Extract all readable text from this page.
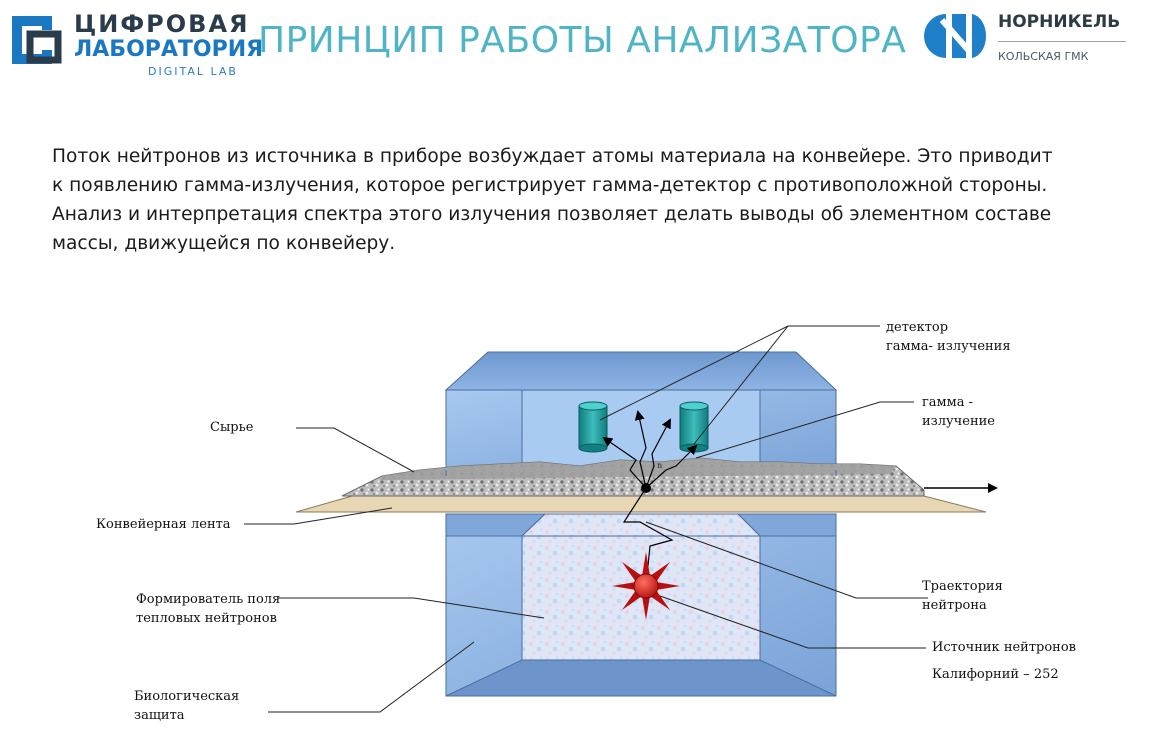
ЦИФРОВАЯ
ЛАБОРАТОРИЯ
DIGITAL LAB
ПРИНЦИП РАБОТЫ АНАЛИЗАТОРА	НОРНИКЕЛЬ
КОЛЬСКАЯ ГМК
Поток нейтронов из источника в приборе возбуждает атомы материала на конвейере. Это приводит
к появлению гамма-излучения, которое регистрирует гамма-детектор с противоположной стороны.
Анализ и интерпретация спектра этого излучения позволяет делать выводы об элементном составе
массы, движущейся по конвейеру.
n
Сырье
Конвейерная лента
Формирователь поля
тепловых нейтронов
Биологическая
защита
детектор
гамма- излучения
гамма -
излучение
Траектория
нейтрона
Источник нейтронов
Калифорний – 252
